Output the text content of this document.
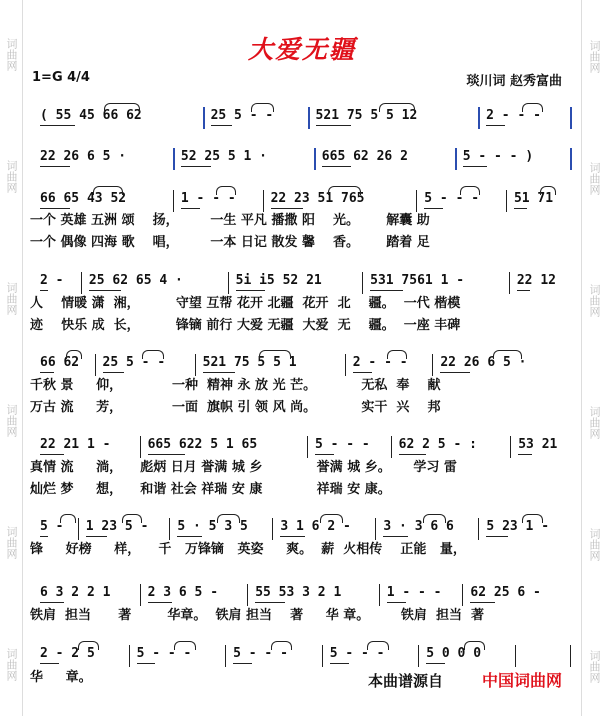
词曲网
词曲网
词曲网
词曲网
词曲网
词曲网
词曲网
词曲网
词曲网
词曲网
词曲网
词曲网
大爱无疆
1=G 4/4	琰川词 赵秀富曲
( 55 45 66 62	25 5 - -	521 75 5 5 12	2 - - -
22 26 6 5 ·	52 25 5 1 ·	665 62 26 2	5 - - - )
66 65 43 52	1 - - -	22 23 51 765	5 - - -	51 71
2 - 25 62 65 4 ·	5i i5 52 21	531 7561 1 -	22 12
66 62 25 5 - -	521 75 5 5 1	2 - - -	22 26 6 5 ·
22 21 1 -	665 622 5 1 65	5 - - - 62 2 5 - :	53 21
5 - 1 23 5 - 5 · 5 3 5	3 1 6 2 -	3 · 3 6 6	5 23 1 -
6 3 2 2 1	2 3 6 5 -	55 53 3 2 1	1 - - - 62 25 6 -
2 - 2 5	5 - - -	5 - - -	5 - - -	5 0 0 0
一个 英雄 五洲 颂    扬，       一生 平凡 播撒 阳    光。      解囊 助
一个 偶像 四海 歌    唱，       一本 日记 散发 馨    香。      踏着 足
人    情暖 潇  湘，        守望 互帮 花开 北疆  花开  北    疆。  一代 楷模
迹    快乐 成  长，        锋镝 前行 大爱 无疆  大爱  无    疆。  一座 丰碑
千秋 景     仰，           一种  精神 永 放 光 芒。          无私  奉    献
万古 流     芳，           一面  旗帜 引 领 风 尚。          实干  兴    邦
真情 流     淌，    彪炳 日月 誉满 城 乡            誉满 城 乡。     学习 雷
灿烂 梦     想，    和谐 社会 祥瑞 安 康            祥瑞 安 康。
锋     好榜     样，    千   万锋镝   英姿     爽。  薪  火相传    正能   量，
铁肩  担当      著        华章。  铁肩 担当    著     华 章。       铁肩  担当  著
华     章。	本曲谱源自 中国词曲网
